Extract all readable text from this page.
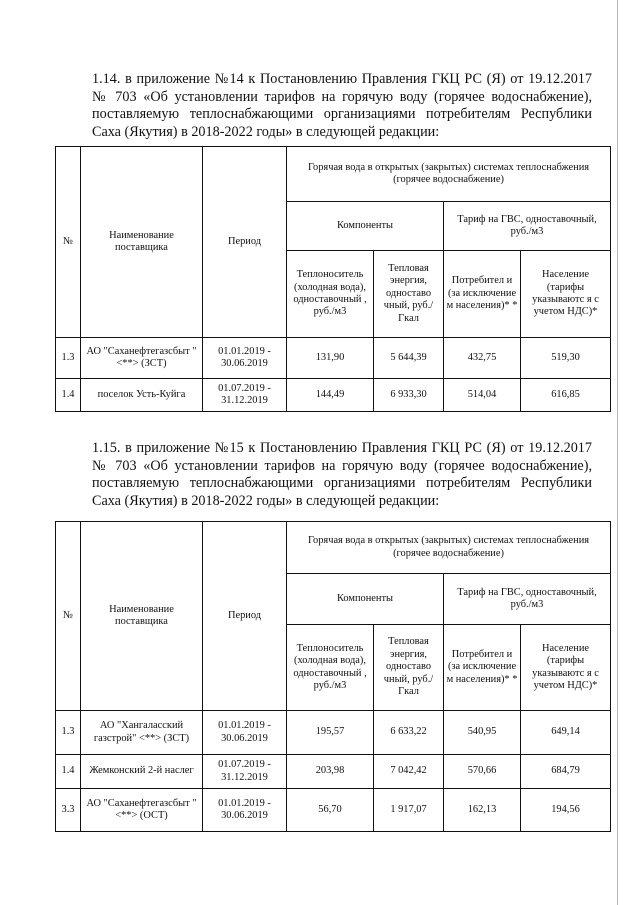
1.14. в приложение №14 к Постановлению Правления ГКЦ РС (Я) от 19.12.2017 № 703 «Об установлении тарифов на горячую воду (горячее водоснабжение), поставляемую теплоснабжающими организациями потребителям Республики Саха (Якутия) в 2018-2022 годы» в следующей редакции:

№	Наименование поставщика	Период	Горячая вода в открытых (закрытых) системах теплоснабжения (горячее водоснабжение)			
			Компоненты		Тариф на ГВС, одноставочный, руб./м3	
			Теплоноситель (холодная вода), одноставочный , руб./м3	Тепловая энергия, одноставо чный, руб./Гкал	Потребител и (за исключение м населения)* *	Население (тарифы указываютс я с учетом НДС)*
1.3	АО "Саханефтегазсбыт " <**> (ЗСТ)	01.01.2019 - 30.06.2019	131,90	5 644,39	432,75	519,30
1.4	поселок Усть-Куйга	01.07.2019 - 31.12.2019	144,49	6 933,30	514,04	616,85

1.15. в приложение №15 к Постановлению Правления ГКЦ РС (Я) от 19.12.2017 № 703 «Об установлении тарифов на горячую воду (горячее водоснабжение), поставляемую теплоснабжающими организациями потребителям Республики Саха (Якутия) в 2018-2022 годы» в следующей редакции:

№	Наименование поставщика	Период	Горячая вода в открытых (закрытых) системах теплоснабжения (горячее водоснабжение)			
			Компоненты		Тариф на ГВС, одноставочный, руб./м3	
			Теплоноситель (холодная вода), одноставочный , руб./м3	Тепловая энергия, одноставо чный, руб./Гкал	Потребител и (за исключение м населения)* *	Население (тарифы указываютс я с учетом НДС)*
1.3	АО "Хангаласский газстрой" <**> (ЗСТ)	01.01.2019 - 30.06.2019	195,57	6 633,22	540,95	649,14
1.4	Жемконский 2-й наслег	01.07.2019 - 31.12.2019	203,98	7 042,42	570,66	684,79
3.3	АО "Саханефтегазсбыт " <**> (ОСТ)	01.01.2019 - 30.06.2019	56,70	1 917,07	162,13	194,56
